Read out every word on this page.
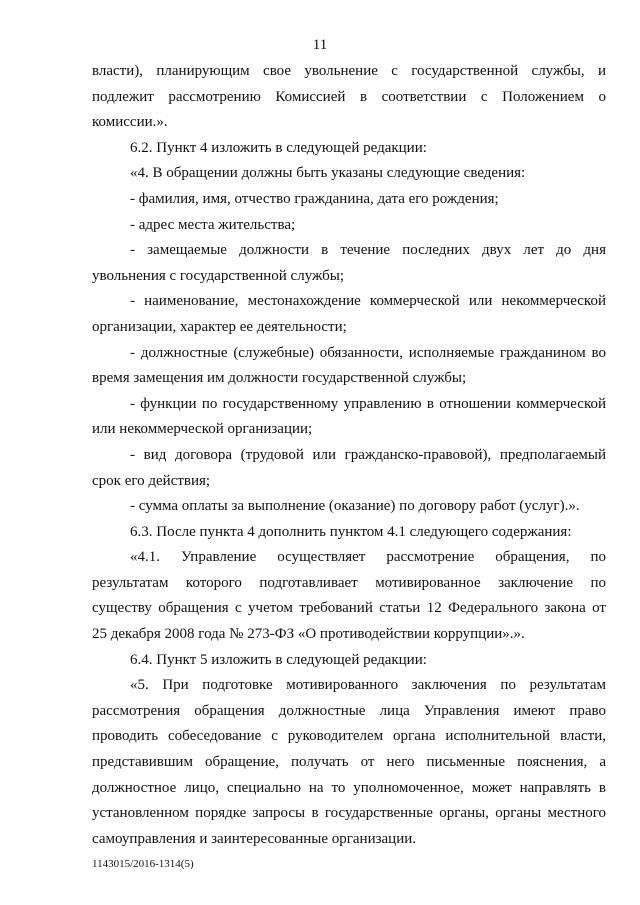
11
власти), планирующим свое увольнение с государственной службы, и
подлежит рассмотрению Комиссией в соответствии с Положением о
комиссии.».
6.2. Пункт 4 изложить в следующей редакции:
«4. В обращении должны быть указаны следующие сведения:
- фамилия, имя, отчество гражданина, дата его рождения;
- адрес места жительства;
- замещаемые должности в течение последних двух лет до дня
увольнения с государственной службы;
- наименование, местонахождение коммерческой или некоммерческой
организации, характер ее деятельности;
- должностные (служебные) обязанности, исполняемые гражданином во
время замещения им должности государственной службы;
- функции по государственному управлению в отношении коммерческой
или некоммерческой организации;
- вид договора (трудовой или гражданско-правовой), предполагаемый
срок его действия;
- сумма оплаты за выполнение (оказание) по договору работ (услуг).».
6.3. После пункта 4 дополнить пунктом 4.1 следующего содержания:
«4.1. Управление осуществляет рассмотрение обращения, по
результатам которого подготавливает мотивированное заключение по
существу обращения с учетом требований статьи 12 Федерального закона от
25 декабря 2008 года № 273-ФЗ «О противодействии коррупции».».
6.4. Пункт 5 изложить в следующей редакции:
«5. При подготовке мотивированного заключения по результатам
рассмотрения обращения должностные лица Управления имеют право
проводить собеседование с руководителем органа исполнительной власти,
представившим обращение, получать от него письменные пояснения, а
должностное лицо, специально на то уполномоченное, может направлять в
установленном порядке запросы в государственные органы, органы местного
самоуправления и заинтересованные организации.
1143015/2016-1314(5)
